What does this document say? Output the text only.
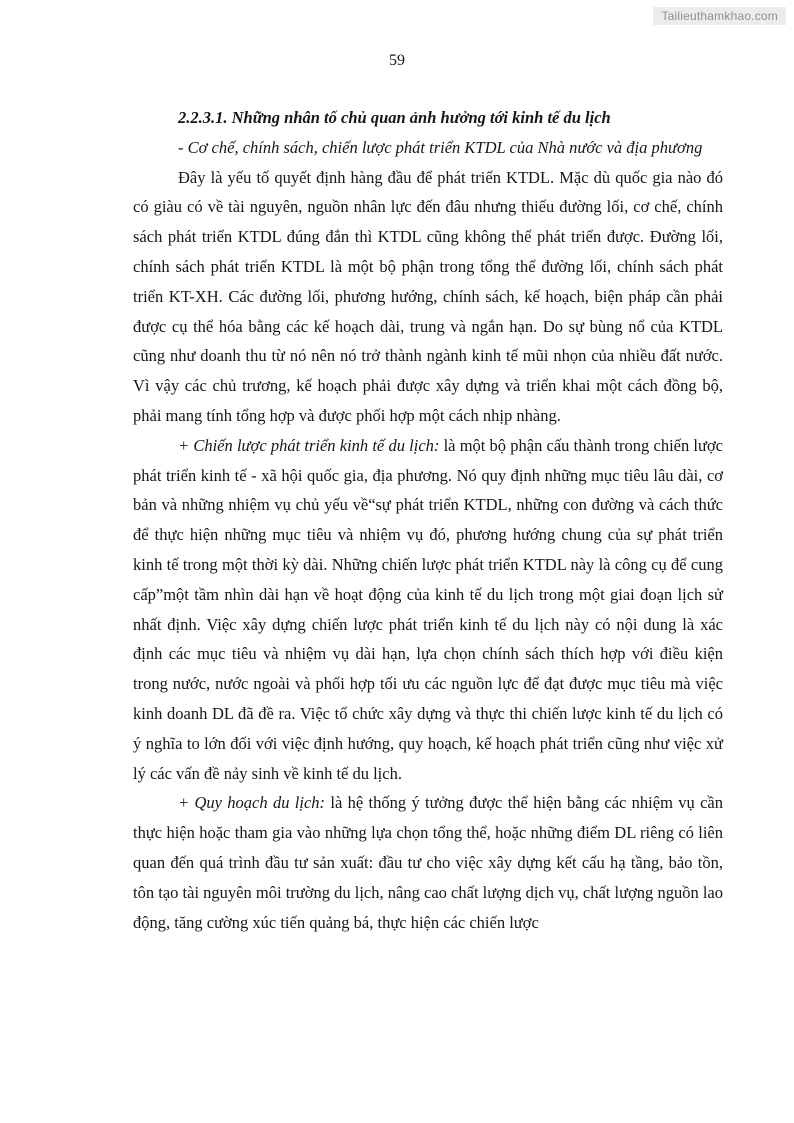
Tailieuthamkhao.com
59

2.2.3.1. Những nhân tố chủ quan ảnh hưởng tới kinh tế du lịch

- Cơ chế, chính sách, chiến lược phát triển KTDL của Nhà nước và địa phương

Đây là yếu tố quyết định hàng đầu để phát triển KTDL. Mặc dù quốc gia nào đó có giàu có về tài nguyên, nguồn nhân lực đến đâu nhưng thiếu đường lối, cơ chế, chính sách phát triển KTDL đúng đắn thì KTDL cũng không thể phát triển được. Đường lối, chính sách phát triển KTDL là một bộ phận trong tổng thể đường lối, chính sách phát triển KT-XH. Các đường lối, phương hướng, chính sách, kế hoạch, biện pháp cần phải được cụ thể hóa bằng các kế hoạch dài, trung và ngắn hạn. Do sự bùng nổ của KTDL cũng như doanh thu từ nó nên nó trở thành ngành kinh tế mũi nhọn của nhiều đất nước. Vì vậy các chủ trương, kế hoạch phải được xây dựng và triển khai một cách đồng bộ, phải mang tính tổng hợp và được phối hợp một cách nhịp nhàng.

+ Chiến lược phát triển kinh tế du lịch: là một bộ phận cấu thành trong chiến lược phát triển kinh tế - xã hội quốc gia, địa phương. Nó quy định những mục tiêu lâu dài, cơ bản và những nhiệm vụ chủ yếu về“sự phát triển KTDL, những con đường và cách thức để thực hiện những mục tiêu và nhiệm vụ đó, phương hướng chung của sự phát triển kinh tế trong một thời kỳ dài. Những chiến lược phát triển KTDL này là công cụ để cung cấp”một tầm nhìn dài hạn về hoạt động của kinh tế du lịch trong một giai đoạn lịch sử nhất định. Việc xây dựng chiến lược phát triển kinh tế du lịch này có nội dung là xác định các mục tiêu và nhiệm vụ dài hạn, lựa chọn chính sách thích hợp với điều kiện trong nước, nước ngoài và phối hợp tối ưu các nguồn lực để đạt được mục tiêu mà việc kinh doanh DL đã đề ra. Việc tổ chức xây dựng và thực thi chiến lược kinh tế du lịch có ý nghĩa to lớn đối với việc định hướng, quy hoạch, kế hoạch phát triển cũng như việc xử lý các vấn đề nảy sinh về kinh tế du lịch.

+ Quy hoạch du lịch: là hệ thống ý tưởng được thể hiện bằng các nhiệm vụ cần thực hiện hoặc tham gia vào những lựa chọn tổng thể, hoặc những điểm DL riêng có liên quan đến quá trình đầu tư sản xuất: đầu tư cho việc xây dựng kết cấu hạ tầng, bảo tồn, tôn tạo tài nguyên môi trường du lịch, nâng cao chất lượng dịch vụ, chất lượng nguồn lao động, tăng cường xúc tiến quảng bá, thực hiện các chiến lược
